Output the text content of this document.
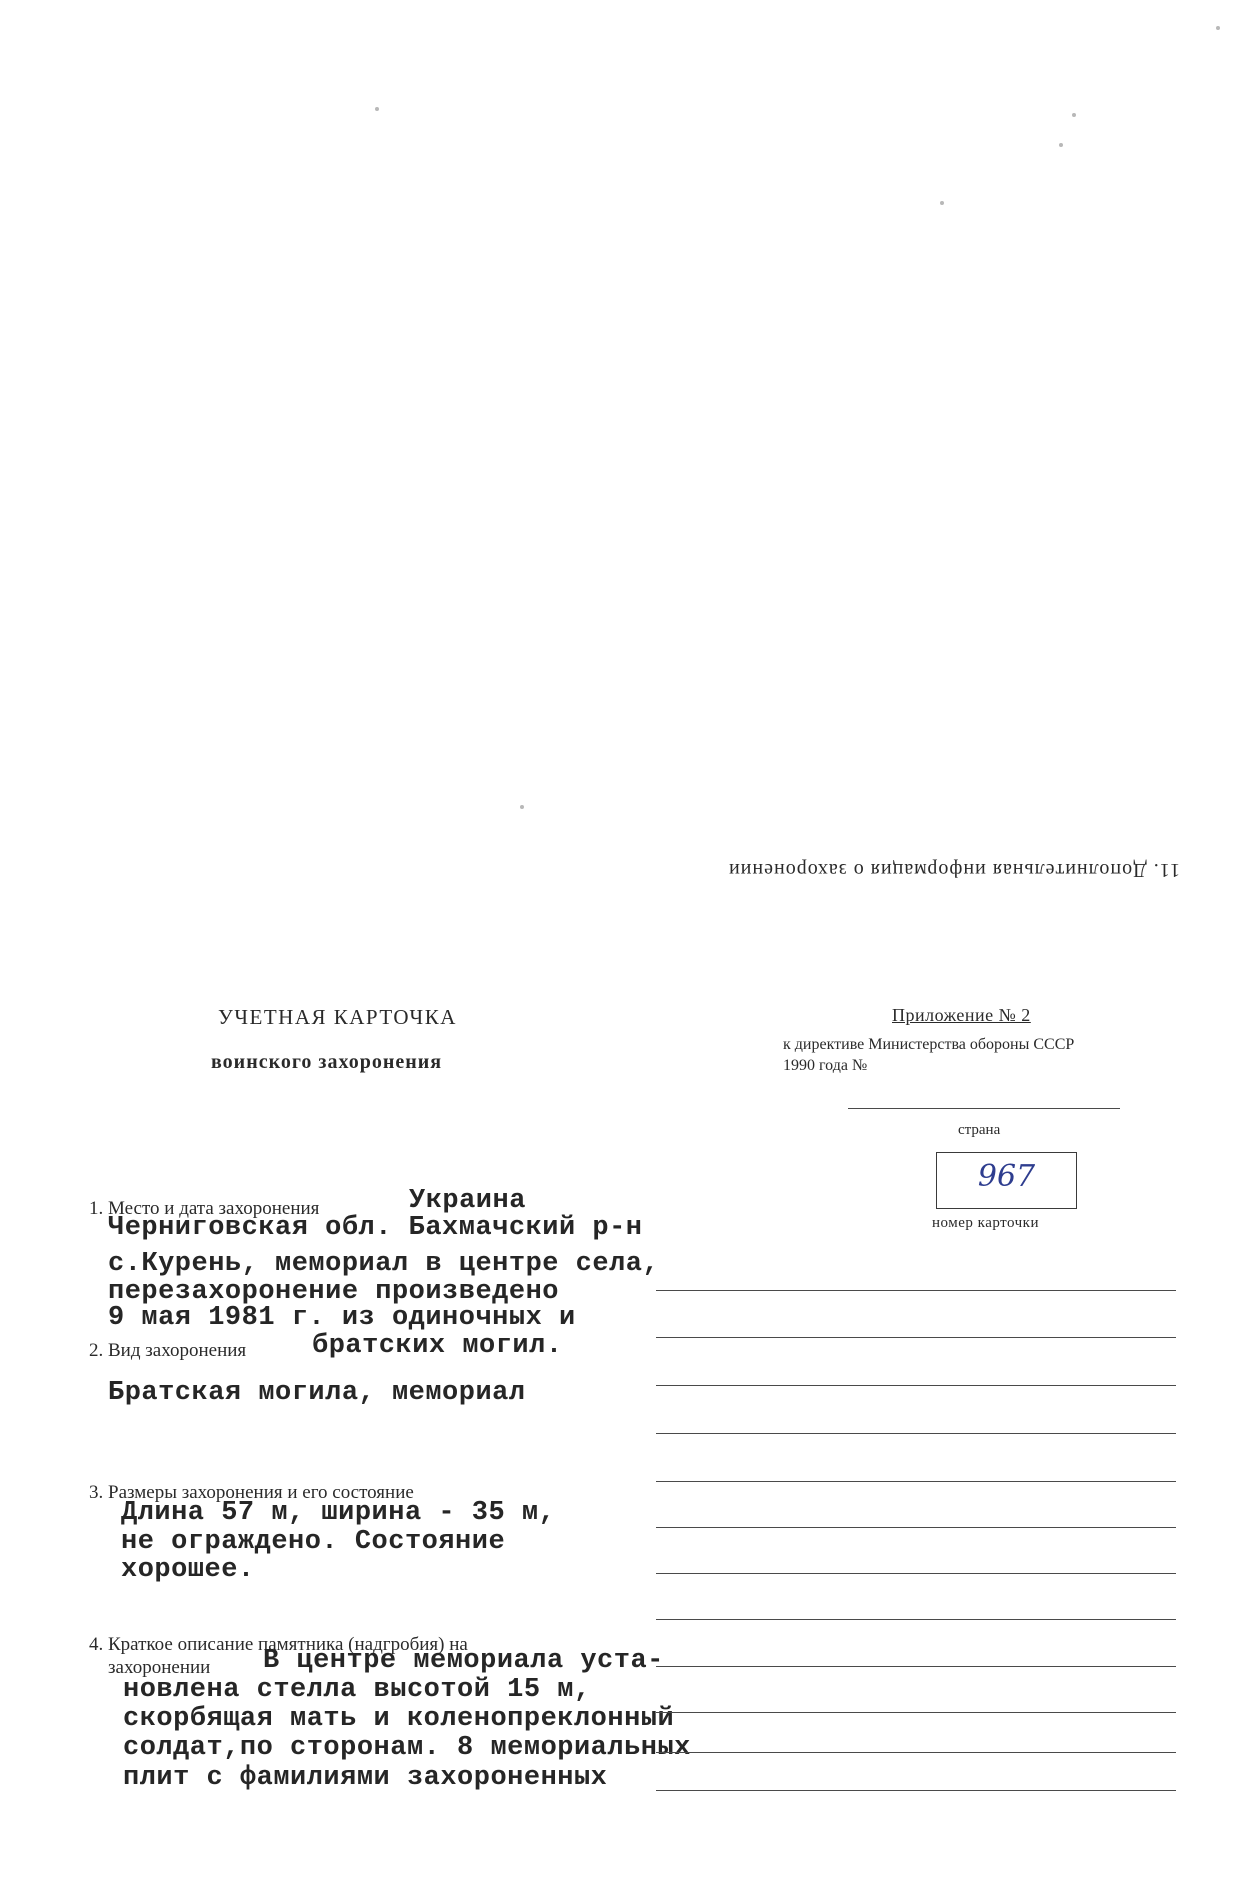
11. Дополнительная информация о захоронении
УЧЕТНАЯ КАРТОЧКА
воинского захоронения
Приложение № 2
к директиве Министерства обороны СССР
1990 года №
страна
967
номер карточки
1. Место и дата захоронения	Украина
Черниговская обл. Бахмачский р-н
с.Курень, мемориал в центре села,
перезахоронение произведено
9 мая 1981 г. из одиночных и
2. Вид захоронения братских могил.
Братская могила, мемориал
3. Размеры захоронения и его состояние
Длина 57 м, ширина - 35 м,
не ограждено. Состояние
хорошее.
4. Краткое описание памятника (надгробия) на
захоронении В центре мемориала уста-
новлена стелла высотой 15 м,
скорбящая мать и коленопреклонный
солдат,по сторонам. 8 мемориальных
плит с фамилиями захороненных
